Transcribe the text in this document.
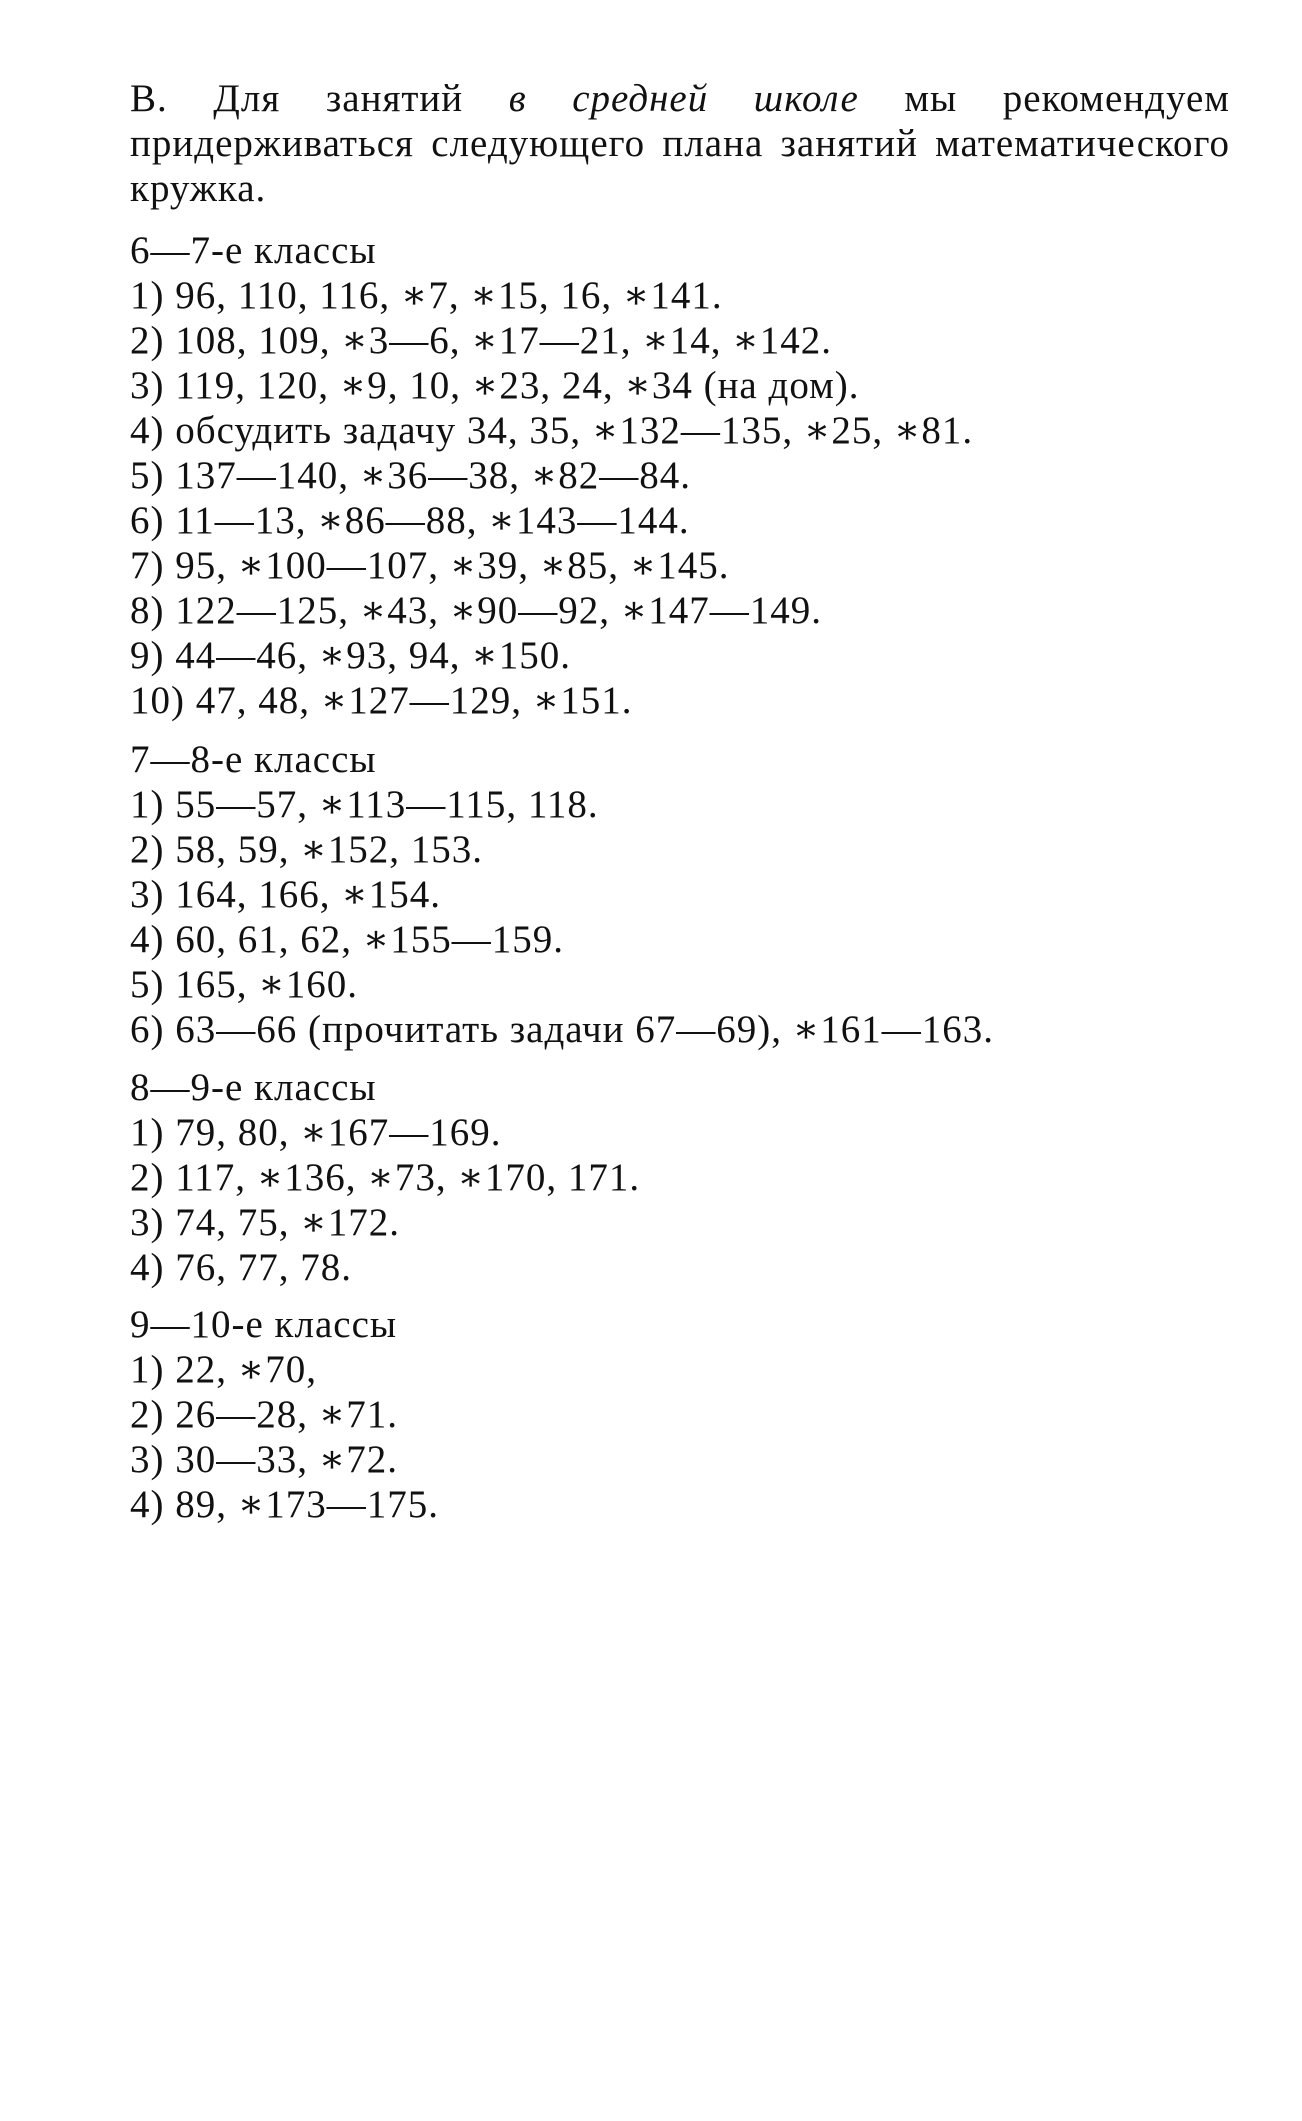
В. Для занятий в средней школе мы рекомендуем придерживаться следующего плана занятий математического кружка.

6—7-е классы
1) 96, 110, 116, ∗7, ∗15, 16, ∗141.
2) 108, 109, ∗3—6, ∗17—21, ∗14, ∗142.
3) 119, 120, ∗9, 10, ∗23, 24, ∗34 (на дом).
4) обсудить задачу 34, 35, ∗132—135, ∗25, ∗81.
5) 137—140, ∗36—38, ∗82—84.
6) 11—13, ∗86—88, ∗143—144.
7) 95, ∗100—107, ∗39, ∗85, ∗145.
8) 122—125, ∗43, ∗90—92, ∗147—149.
9) 44—46, ∗93, 94, ∗150.
10) 47, 48, ∗127—129, ∗151.
7—8-е классы
1) 55—57, ∗113—115, 118.
2) 58, 59, ∗152, 153.
3) 164, 166, ∗154.
4) 60, 61, 62, ∗155—159.
5) 165, ∗160.
6) 63—66 (прочитать задачи 67—69), ∗161—163.
8—9-е классы
1) 79, 80, ∗167—169.
2) 117, ∗136, ∗73, ∗170, 171.
3) 74, 75, ∗172.
4) 76, 77, 78.
9—10-е классы
1) 22, ∗70,
2) 26—28, ∗71.
3) 30—33, ∗72.
4) 89, ∗173—175.
